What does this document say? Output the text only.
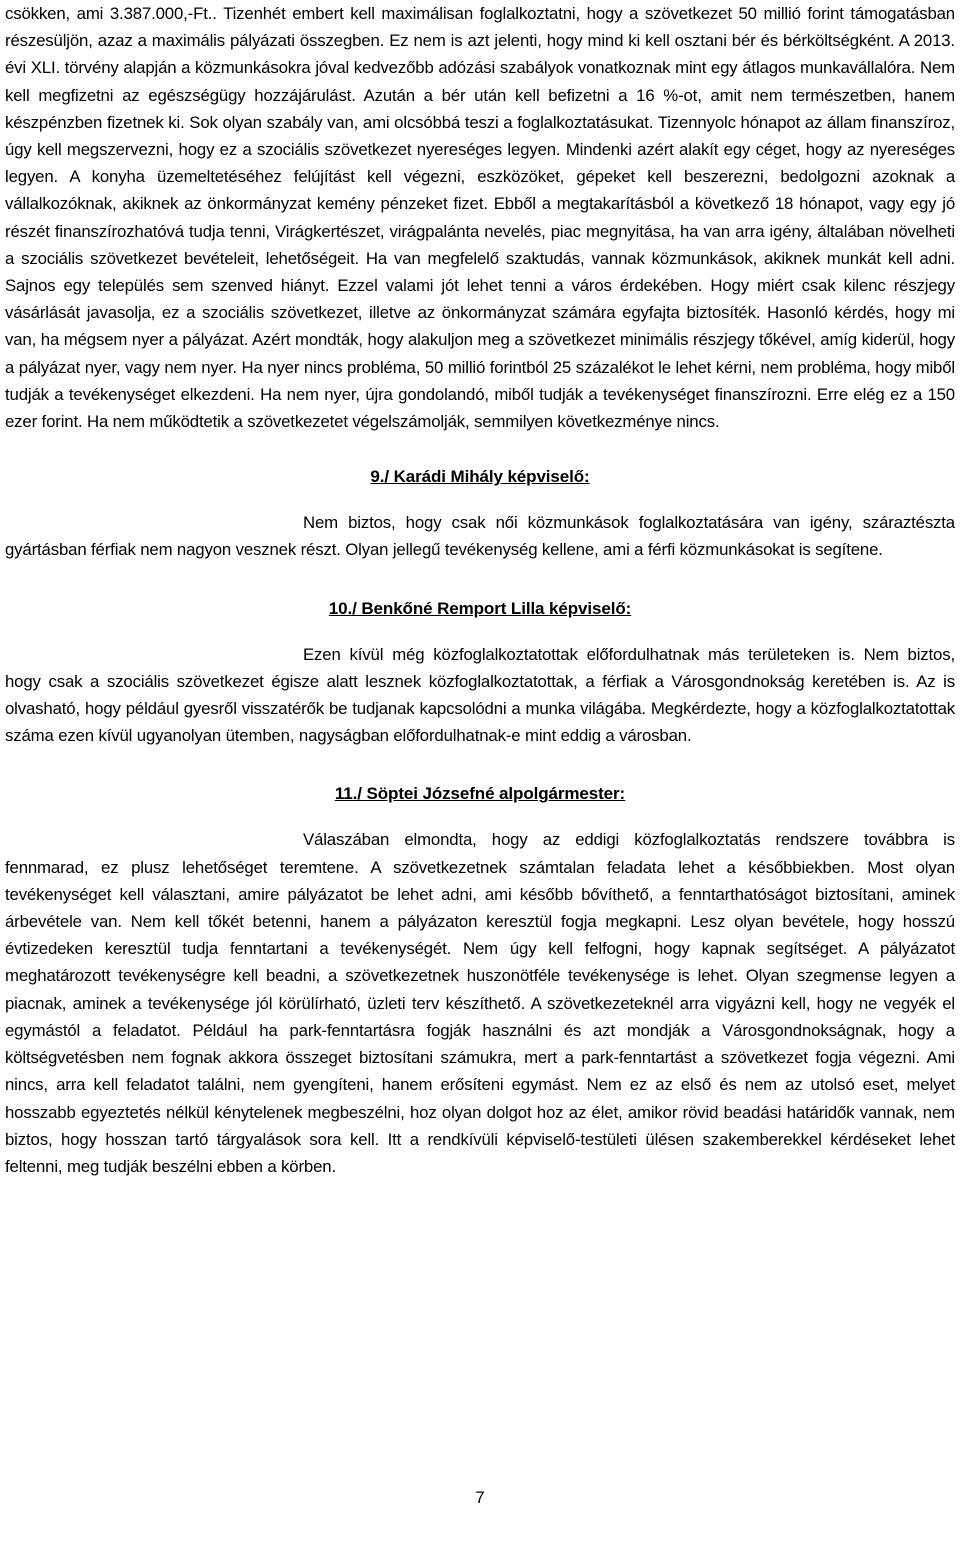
csökken, ami 3.387.000,-Ft.. Tizenhét embert kell maximálisan foglalkoztatni, hogy a szövetkezet 50 millió forint támogatásban részesüljön, azaz a maximális pályázati összegben. Ez nem is azt jelenti, hogy mind ki kell osztani bér és bérköltségként. A 2013. évi XLI. törvény alapján a közmunkásokra jóval kedvezőbb adózási szabályok vonatkoznak mint egy átlagos munkavállalóra. Nem kell megfizetni az egészségügy hozzájárulást. Azután a bér után kell befizetni a 16 %-ot, amit nem természetben, hanem készpénzben fizetnek ki. Sok olyan szabály van, ami olcsóbbá teszi a foglalkoztatásukat. Tizennyolc hónapot az állam finanszíroz, úgy kell megszervezni, hogy ez a szociális szövetkezet nyereséges legyen. Mindenki azért alakít egy céget, hogy az nyereséges legyen. A konyha üzemeltetéséhez felújítást kell végezni, eszközöket, gépeket kell beszerezni, bedolgozni azoknak a vállalkozóknak, akiknek az önkormányzat kemény pénzeket fizet. Ebből a megtakarításból a következő 18 hónapot, vagy egy jó részét finanszírozhatóvá tudja tenni, Virágkertészet, virágpalánta nevelés, piac megnyitása, ha van arra igény, általában növelheti a szociális szövetkezet bevételeit, lehetőségeit. Ha van megfelelő szaktudás, vannak közmunkások, akiknek munkát kell adni. Sajnos egy település sem szenved hiányt. Ezzel valami jót lehet tenni a város érdekében. Hogy miért csak kilenc részjegy vásárlását javasolja, ez a szociális szövetkezet, illetve az önkormányzat számára egyfajta biztosíték. Hasonló kérdés, hogy mi van, ha mégsem nyer a pályázat. Azért mondták, hogy alakuljon meg a szövetkezet minimális részjegy tőkével, amíg kiderül, hogy a pályázat nyer, vagy nem nyer. Ha nyer nincs probléma, 50 millió forintból 25 százalékot le lehet kérni, nem probléma, hogy miből tudják a tevékenységet elkezdeni. Ha nem nyer, újra gondolandó, miből tudják a tevékenységet finanszírozni. Erre elég ez a 150 ezer forint. Ha nem működtetik a szövetkezetet végelszámolják, semmilyen következménye nincs.

9./ Karádi Mihály képviselő:

Nem biztos, hogy csak női közmunkások foglalkoztatására van igény, száraztészta gyártásban férfiak nem nagyon vesznek részt. Olyan jellegű tevékenység kellene, ami a férfi közmunkásokat is segítene.

10./ Benkőné Remport Lilla képviselő:

Ezen kívül még közfoglalkoztatottak előfordulhatnak más területeken is. Nem biztos, hogy csak a szociális szövetkezet égisze alatt lesznek közfoglalkoztatottak, a férfiak a Városgondnokság keretében is. Az is olvasható, hogy például gyesről visszatérők be tudjanak kapcsolódni a munka világába. Megkérdezte, hogy a közfoglalkoztatottak száma ezen kívül ugyanolyan ütemben, nagyságban előfordulhatnak-e mint eddig a városban.

11./ Söptei Józsefné alpolgármester:

Válaszában elmondta, hogy az eddigi közfoglalkoztatás rendszere továbbra is fennmarad, ez plusz lehetőséget teremtene. A szövetkezetnek számtalan feladata lehet a későbbiekben. Most olyan tevékenységet kell választani, amire pályázatot be lehet adni, ami később bővíthető, a fenntarthatóságot biztosítani, aminek árbevétele van. Nem kell tőkét betenni, hanem a pályázaton keresztül fogja megkapni. Lesz olyan bevétele, hogy hosszú évtizedeken keresztül tudja fenntartani a tevékenységét. Nem úgy kell felfogni, hogy kapnak segítséget. A pályázatot meghatározott tevékenységre kell beadni, a szövetkezetnek huszonötféle tevékenysége is lehet. Olyan szegmense legyen a piacnak, aminek a tevékenysége jól körülírható, üzleti terv készíthető. A szövetkezeteknél arra vigyázni kell, hogy ne vegyék el egymástól a feladatot. Például ha park-fenntartásra fogják használni és azt mondják a Városgondnokságnak, hogy a költségvetésben nem fognak akkora összeget biztosítani számukra, mert a park-fenntartást a szövetkezet fogja végezni. Ami nincs, arra kell feladatot találni, nem gyengíteni, hanem erősíteni egymást. Nem ez az első és nem az utolsó eset, melyet hosszabb egyeztetés nélkül kénytelenek megbeszélni, hoz olyan dolgot hoz az élet, amikor rövid beadási határidők vannak, nem biztos, hogy hosszan tartó tárgyalások sora kell. Itt a rendkívüli képviselő-testületi ülésen szakemberekkel kérdéseket lehet feltenni, meg tudják beszélni ebben a körben.

7
